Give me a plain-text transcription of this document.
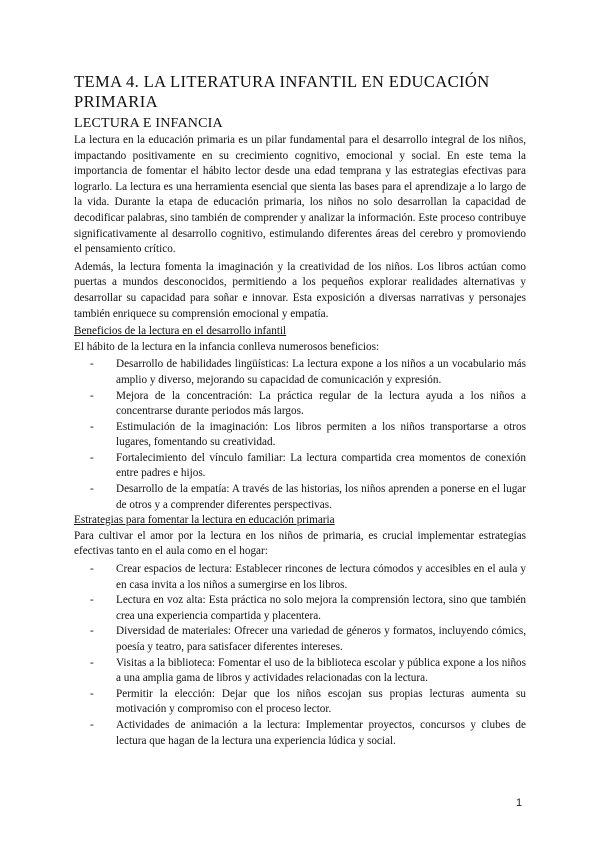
TEMA 4. LA LITERATURA INFANTIL EN EDUCACIÓN PRIMARIA
LECTURA E INFANCIA

La lectura en la educación primaria es un pilar fundamental para el desarrollo integral de los niños, impactando positivamente en su crecimiento cognitivo, emocional y social. En este tema la importancia de fomentar el hábito lector desde una edad temprana y las estrategias efectivas para lograrlo. La lectura es una herramienta esencial que sienta las bases para el aprendizaje a lo largo de la vida. Durante la etapa de educación primaria, los niños no solo desarrollan la capacidad de decodificar palabras, sino también de comprender y analizar la información. Este proceso contribuye significativamente al desarrollo cognitivo, estimulando diferentes áreas del cerebro y promoviendo el pensamiento crítico.

Además, la lectura fomenta la imaginación y la creatividad de los niños. Los libros actúan como puertas a mundos desconocidos, permitiendo a los pequeños explorar realidades alternativas y desarrollar su capacidad para soñar e innovar. Esta exposición a diversas narrativas y personajes también enriquece su comprensión emocional y empatía.

Beneficios de la lectura en el desarrollo infantil

El hábito de la lectura en la infancia conlleva numerosos beneficios:

- Desarrollo de habilidades lingüísticas: La lectura expone a los niños a un vocabulario más amplio y diverso, mejorando su capacidad de comunicación y expresión.
- Mejora de la concentración: La práctica regular de la lectura ayuda a los niños a concentrarse durante periodos más largos.
- Estimulación de la imaginación: Los libros permiten a los niños transportarse a otros lugares, fomentando su creatividad.
- Fortalecimiento del vínculo familiar: La lectura compartida crea momentos de conexión entre padres e hijos.
- Desarrollo de la empatía: A través de las historias, los niños aprenden a ponerse en el lugar de otros y a comprender diferentes perspectivas.

Estrategias para fomentar la lectura en educación primaria

Para cultivar el amor por la lectura en los niños de primaria, es crucial implementar estrategias efectivas tanto en el aula como en el hogar:

- Crear espacios de lectura: Establecer rincones de lectura cómodos y accesibles en el aula y en casa invita a los niños a sumergirse en los libros.
- Lectura en voz alta: Esta práctica no solo mejora la comprensión lectora, sino que también crea una experiencia compartida y placentera.
- Diversidad de materiales: Ofrecer una variedad de géneros y formatos, incluyendo cómics, poesía y teatro, para satisfacer diferentes intereses.
- Visitas a la biblioteca: Fomentar el uso de la biblioteca escolar y pública expone a los niños a una amplia gama de libros y actividades relacionadas con la lectura.
- Permitir la elección: Dejar que los niños escojan sus propias lecturas aumenta su motivación y compromiso con el proceso lector.
- Actividades de animación a la lectura: Implementar proyectos, concursos y clubes de lectura que hagan de la lectura una experiencia lúdica y social.
1
